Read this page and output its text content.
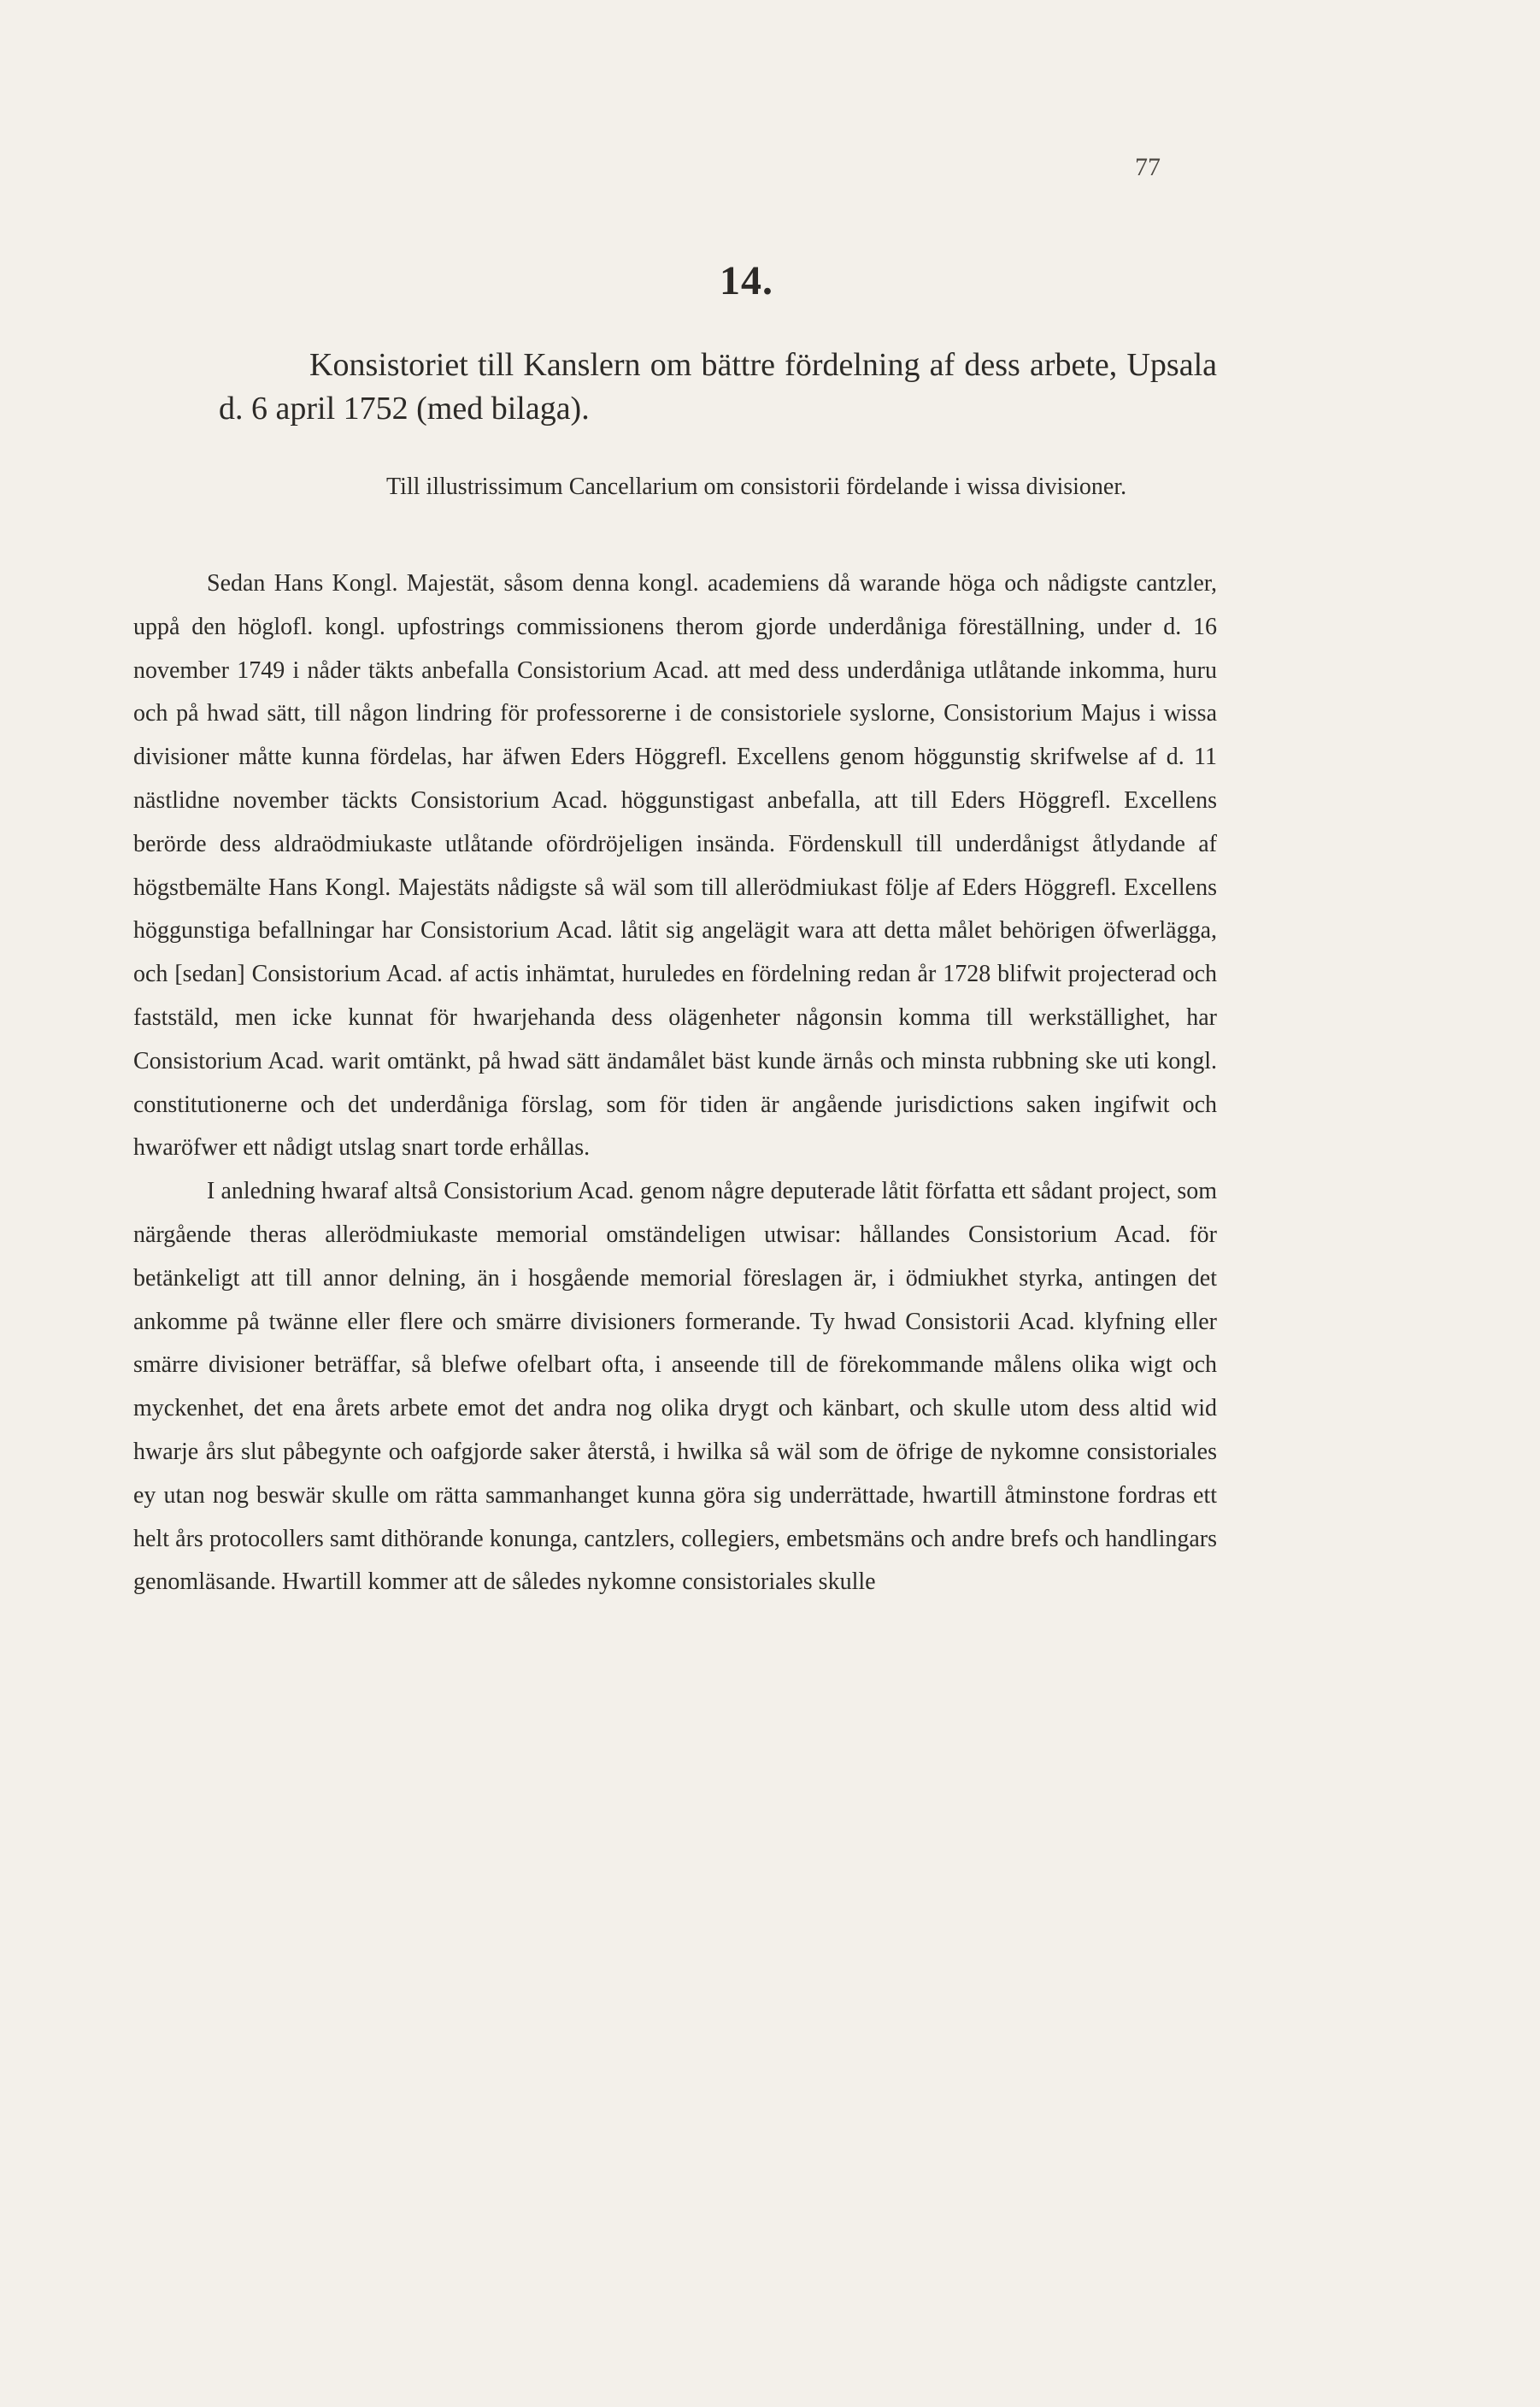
77
14.
Konsistoriet till Kanslern om bättre fördelning af dess arbete, Upsala d. 6 april 1752 (med bilaga).
Till illustrissimum Cancellarium om consistorii fördelande i wissa divisioner.

Sedan Hans Kongl. Majestät, såsom denna kongl. academiens då warande höga och nådigste cantzler, uppå den höglofl. kongl. upfostrings commissionens therom gjorde underdåniga föreställning, under d. 16 november 1749 i nåder täkts anbefalla Consistorium Acad. att med dess underdåniga utlåtande inkomma, huru och på hwad sätt, till någon lindring för professorerne i de consistoriele syslorne, Consistorium Majus i wissa divisioner måtte kunna fördelas, har äfwen Eders Höggrefl. Excellens genom höggunstig skrifwelse af d. 11 nästlidne november täckts Consistorium Acad. höggunstigast anbefalla, att till Eders Höggrefl. Excellens berörde dess aldraödmiukaste utlåtande ofördröjeligen insända. Fördenskull till underdånigst åtlydande af högstbemälte Hans Kongl. Majestäts nådigste så wäl som till allerödmiukast följe af Eders Höggrefl. Excellens höggunstiga befallningar har Consistorium Acad. låtit sig angelägit wara att detta målet behörigen öfwerlägga, och [sedan] Consistorium Acad. af actis inhämtat, huruledes en fördelning redan år 1728 blifwit projecterad och faststäld, men icke kunnat för hwarjehanda dess olägenheter någonsin komma till werkställighet, har Consistorium Acad. warit omtänkt, på hwad sätt ändamålet bäst kunde ärnås och minsta rubbning ske uti kongl. constitutionerne och det underdåniga förslag, som för tiden är angående jurisdictions saken ingifwit och hwaröfwer ett nådigt utslag snart torde erhållas.

I anledning hwaraf altså Consistorium Acad. genom någre deputerade låtit författa ett sådant project, som närgående theras allerödmiukaste memorial omständeligen utwisar: hållandes Consistorium Acad. för betänkeligt att till annor delning, än i hosgående memorial föreslagen är, i ödmiukhet styrka, antingen det ankomme på twänne eller flere och smärre divisioners formerande. Ty hwad Consistorii Acad. klyfning eller smärre divisioner beträffar, så blefwe ofelbart ofta, i anseende till de förekommande målens olika wigt och myckenhet, det ena årets arbete emot det andra nog olika drygt och känbart, och skulle utom dess altid wid hwarje års slut påbegynte och oafgjorde saker återstå, i hwilka så wäl som de öfrige de nykomne consistoriales ey utan nog beswär skulle om rätta sammanhanget kunna göra sig underrättade, hwartill åtminstone fordras ett helt års protocollers samt dithörande konunga, cantzlers, collegiers, embetsmäns och andre brefs och handlingars genomläsande. Hwartill kommer att de således nykomne consistoriales skulle
